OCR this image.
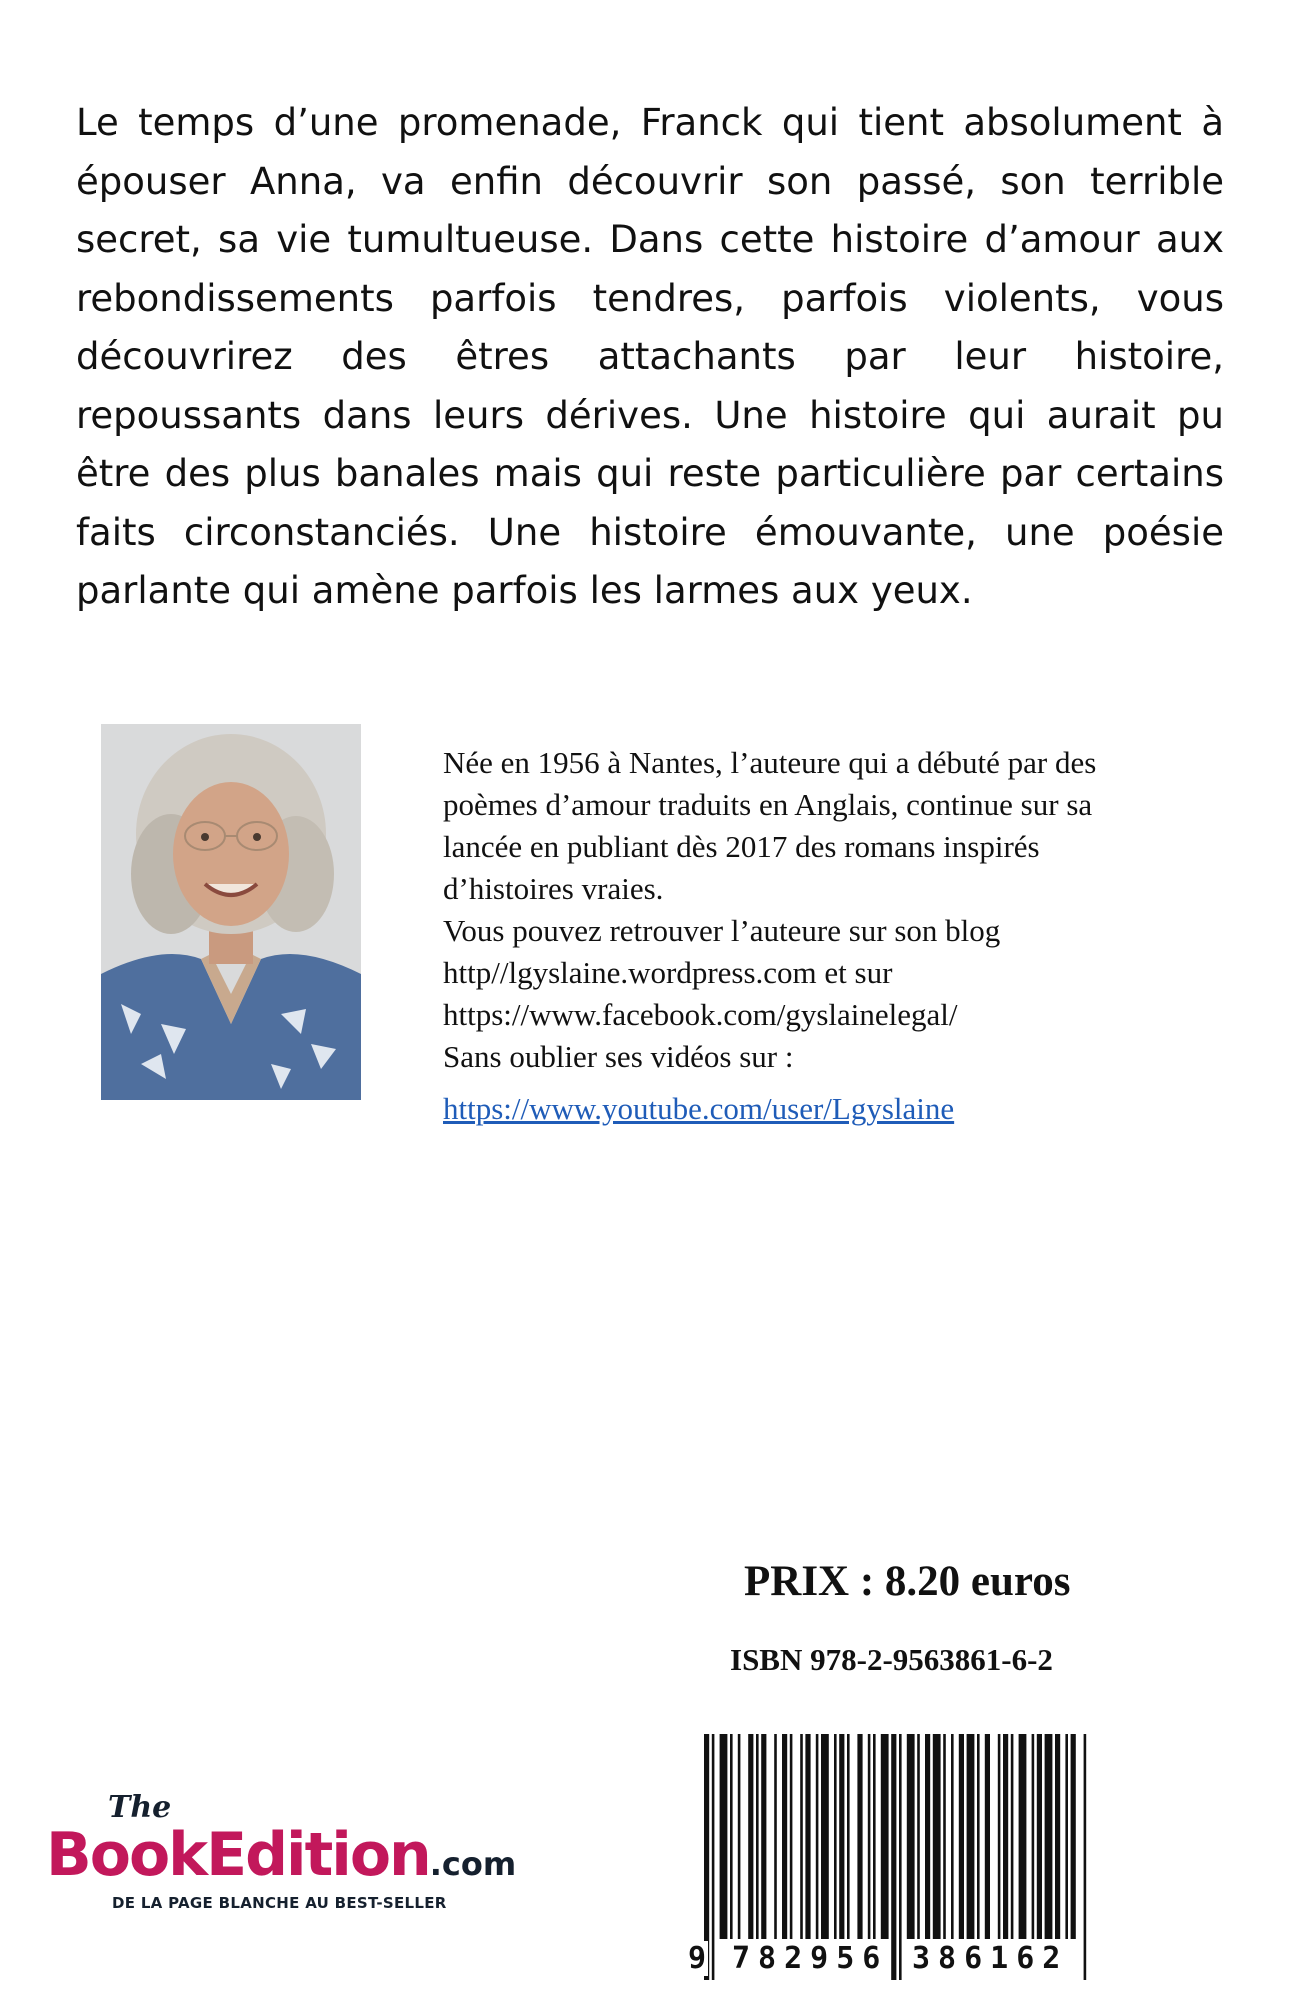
Le temps d’une promenade, Franck qui tient absolument à épouser Anna, va enfin découvrir son passé, son terrible secret, sa vie tumultueuse. Dans cette histoire d’amour aux rebondissements parfois tendres, parfois violents, vous découvrirez des êtres attachants par leur histoire, repoussants dans leurs dérives. Une histoire qui aurait pu être des plus banales mais qui reste particulière par certains faits circonstanciés. Une histoire émouvante, une poésie parlante qui amène parfois les larmes aux yeux.

Née en 1956 à Nantes, l’auteure qui a débuté par des

poèmes d’amour traduits en Anglais, continue sur sa

lancée en publiant dès 2017 des romans inspirés

d’histoires vraies.

Vous pouvez retrouver l’auteure sur son blog

http//lgyslaine.wordpress.com et sur

https://www.facebook.com/gyslainelegal/

Sans oublier ses vidéos sur :

https://www.youtube.com/user/Lgyslaine
PRIX : 8.20 euros
ISBN 978-2-9563861-6-2
9 782956 386162
The
BookEdition.com
DE LA PAGE BLANCHE AU BEST-SELLER
